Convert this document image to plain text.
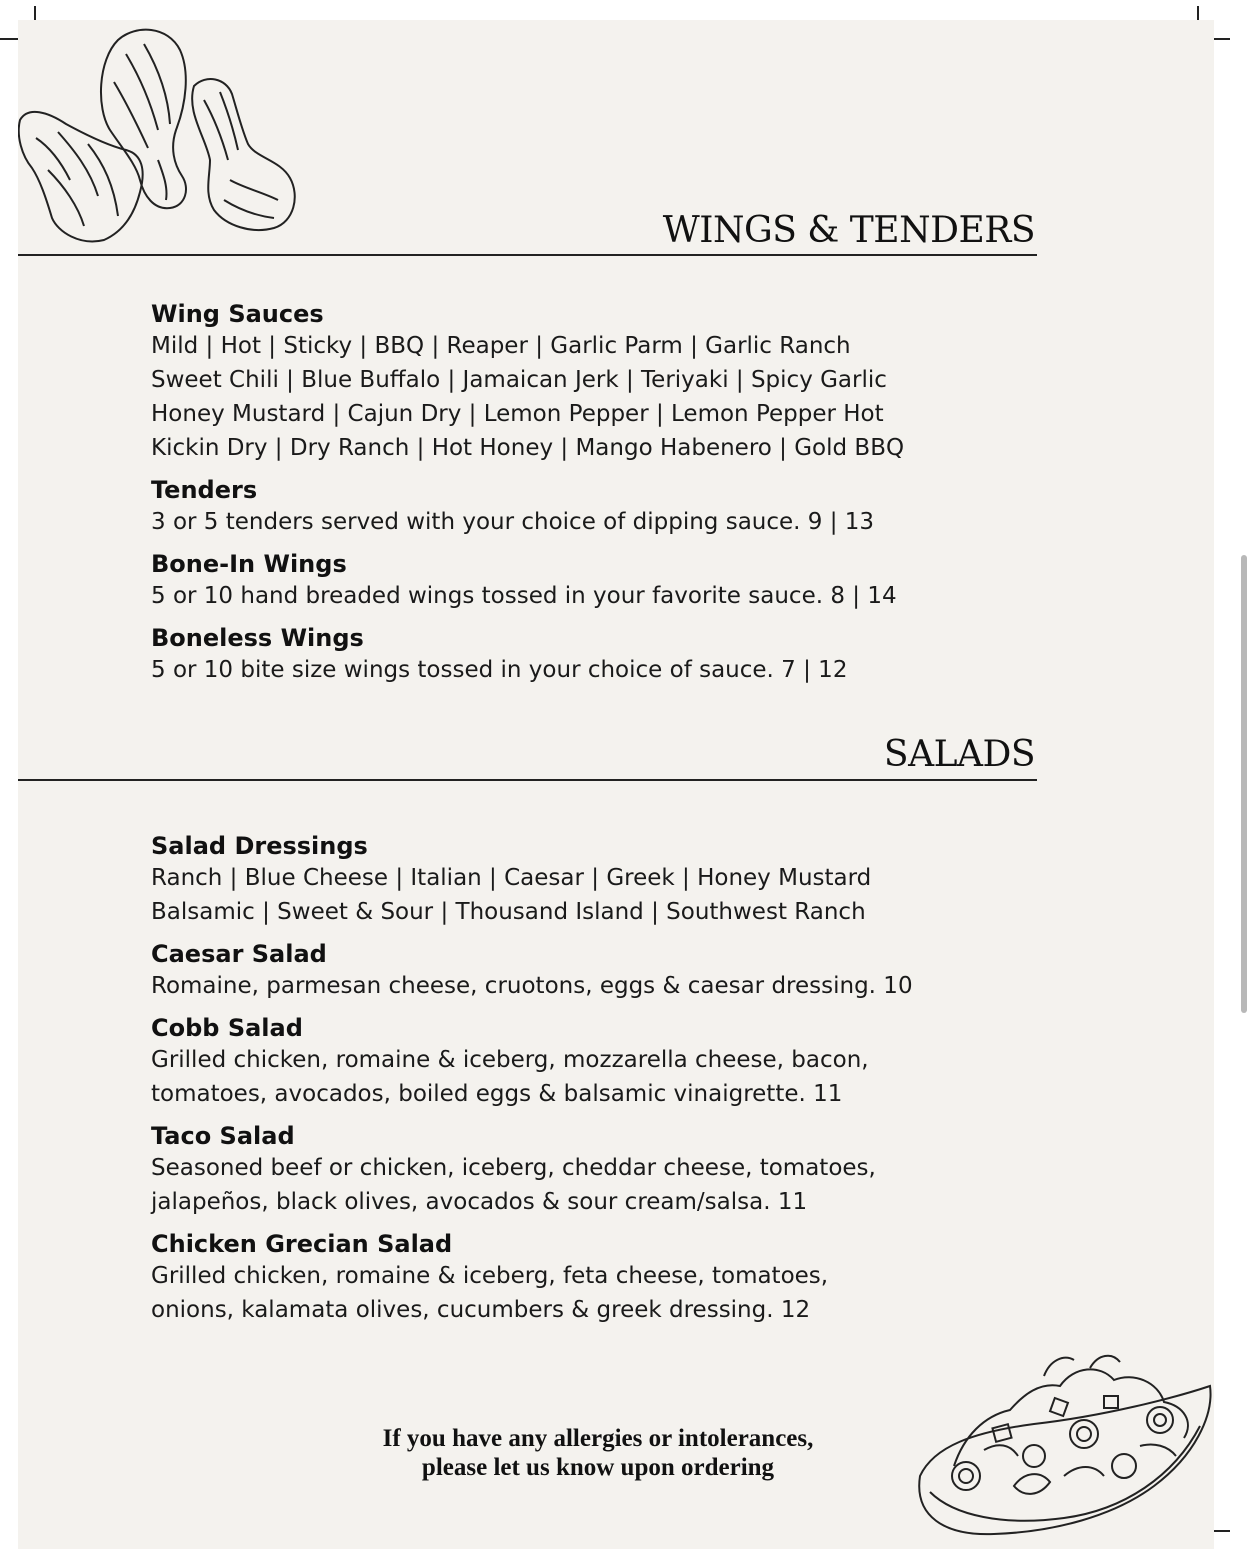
WINGS & TENDERS
Wing Sauces
Mild | Hot | Sticky | BBQ | Reaper | Garlic Parm | Garlic Ranch
Sweet Chili | Blue Buffalo | Jamaican Jerk | Teriyaki | Spicy Garlic
Honey Mustard | Cajun Dry | Lemon Pepper | Lemon Pepper Hot
Kickin Dry | Dry Ranch | Hot Honey | Mango Habenero | Gold BBQ
Tenders
3 or 5 tenders served with your choice of dipping sauce. 9 | 13
Bone-In Wings
5 or 10 hand breaded wings tossed in your favorite sauce. 8 | 14
Boneless Wings
5 or 10 bite size wings tossed in your choice of sauce. 7 | 12
SALADS
Salad Dressings
Ranch | Blue Cheese | Italian | Caesar | Greek | Honey Mustard
Balsamic | Sweet & Sour | Thousand Island | Southwest Ranch
Caesar Salad
Romaine, parmesan cheese, cruotons, eggs & caesar dressing. 10
Cobb Salad
Grilled chicken, romaine & iceberg, mozzarella cheese, bacon,
tomatoes, avocados, boiled eggs & balsamic vinaigrette. 11
Taco Salad
Seasoned beef or chicken, iceberg, cheddar cheese, tomatoes,
jalapeños, black olives, avocados & sour cream/salsa. 11
Chicken Grecian Salad
Grilled chicken, romaine & iceberg, feta cheese, tomatoes,
onions, kalamata olives, cucumbers & greek dressing. 12
If you have any allergies or intolerances,
please let us know upon ordering
